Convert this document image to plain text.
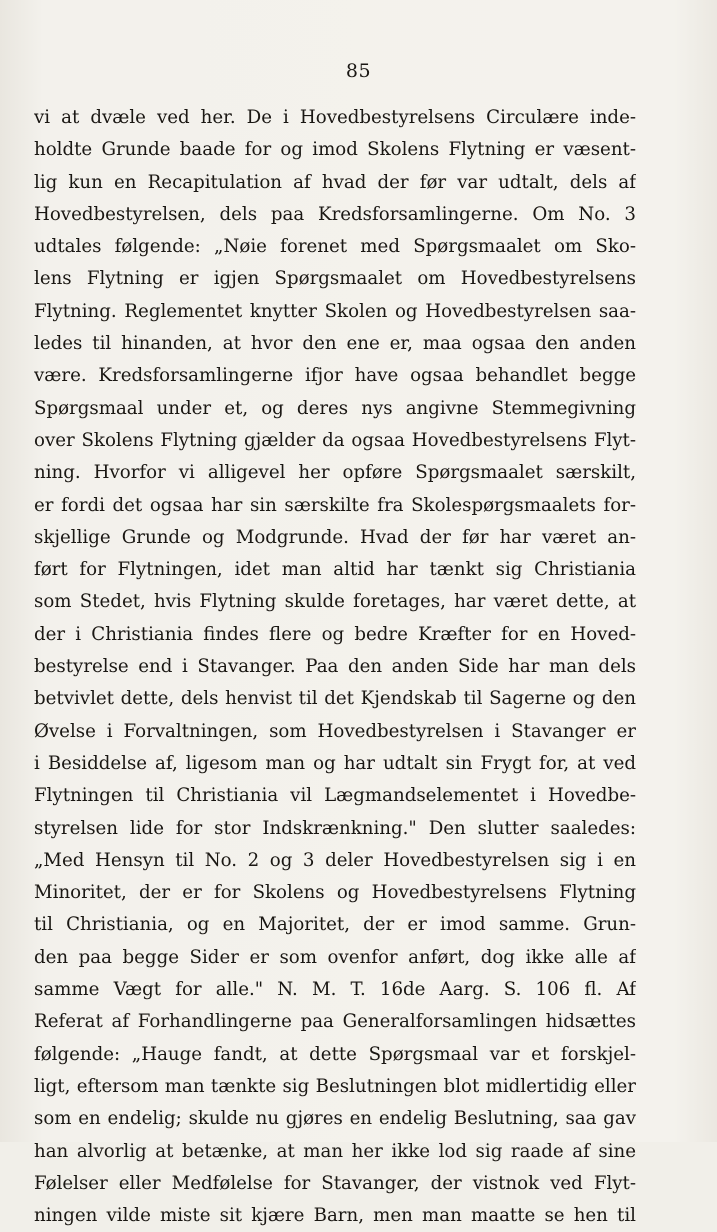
85
vi at dvæle ved her. De i Hovedbestyrelsens Circulære inde-
holdte Grunde baade for og imod Skolens Flytning er væsent-
lig kun en Recapitulation af hvad der før var udtalt, dels af
Hovedbestyrelsen, dels paa Kredsforsamlingerne. Om No. 3
udtales følgende: „Nøie forenet med Spørgsmaalet om Sko-
lens Flytning er igjen Spørgsmaalet om Hovedbestyrelsens
Flytning. Reglementet knytter Skolen og Hovedbestyrelsen saa-
ledes til hinanden, at hvor den ene er, maa ogsaa den anden
være. Kredsforsamlingerne ifjor have ogsaa behandlet begge
Spørgsmaal under et, og deres nys angivne Stemmegivning
over Skolens Flytning gjælder da ogsaa Hovedbestyrelsens Flyt-
ning. Hvorfor vi alligevel her opføre Spørgsmaalet særskilt,
er fordi det ogsaa har sin særskilte fra Skolespørgsmaalets for-
skjellige Grunde og Modgrunde. Hvad der før har været an-
ført for Flytningen, idet man altid har tænkt sig Christiania
som Stedet, hvis Flytning skulde foretages, har været dette, at
der i Christiania findes flere og bedre Kræfter for en Hoved-
bestyrelse end i Stavanger. Paa den anden Side har man dels
betvivlet dette, dels henvist til det Kjendskab til Sagerne og den
Øvelse i Forvaltningen, som Hovedbestyrelsen i Stavanger er
i Besiddelse af, ligesom man og har udtalt sin Frygt for, at ved
Flytningen til Christiania vil Lægmandselementet i Hovedbe-
styrelsen lide for stor Indskrænkning." Den slutter saaledes:
„Med Hensyn til No. 2 og 3 deler Hovedbestyrelsen sig i en
Minoritet, der er for Skolens og Hovedbestyrelsens Flytning
til Christiania, og en Majoritet, der er imod samme. Grun-
den paa begge Sider er som ovenfor anført, dog ikke alle af
samme Vægt for alle." N. M. T. 16de Aarg. S. 106 fl. Af
Referat af Forhandlingerne paa Generalforsamlingen hidsættes
følgende: „Hauge fandt, at dette Spørgsmaal var et forskjel-
ligt, eftersom man tænkte sig Beslutningen blot midlertidig eller
som en endelig; skulde nu gjøres en endelig Beslutning, saa gav
han alvorlig at betænke, at man her ikke lod sig raade af sine
Følelser eller Medfølelse for Stavanger, der vistnok ved Flyt-
ningen vilde miste sit kjære Barn, men man maatte se hen til
